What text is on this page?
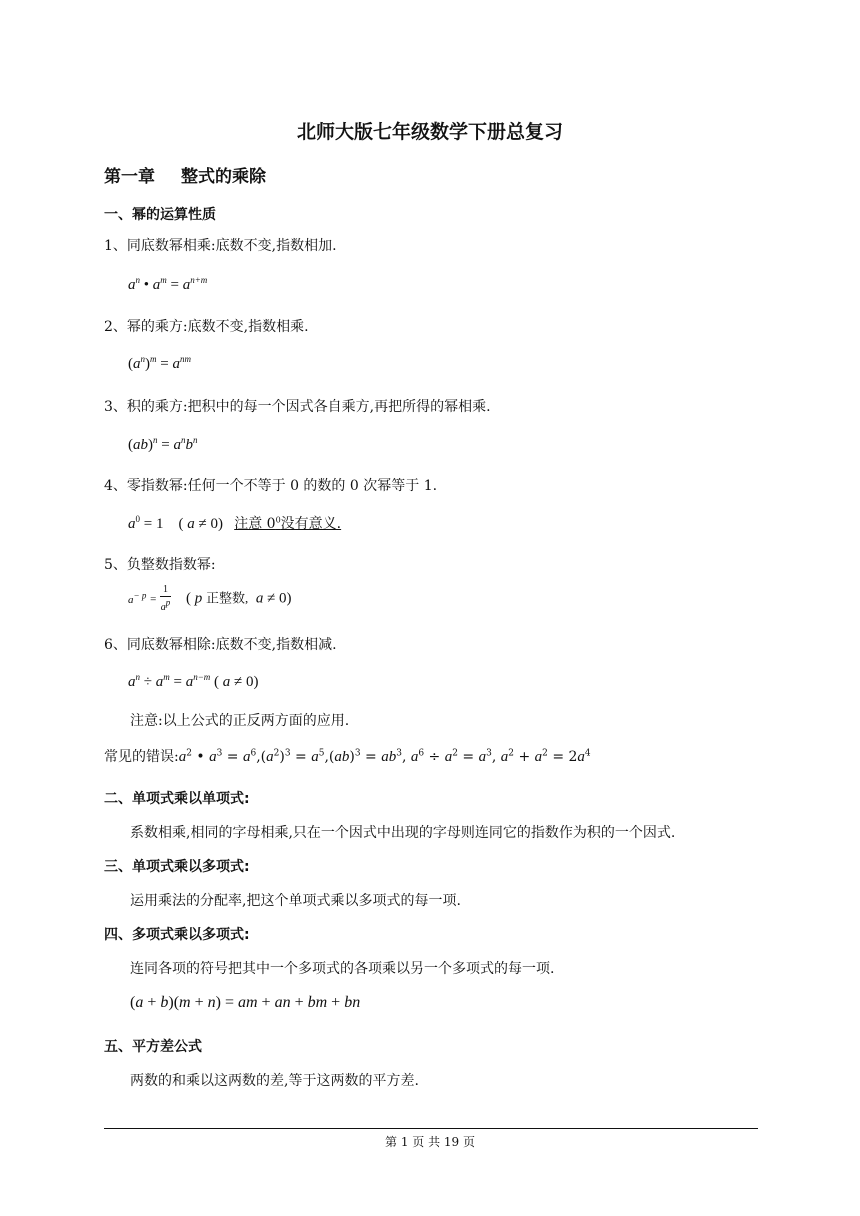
北师大版七年级数学下册总复习
第一章 整式的乘除
一、幂的运算性质
1、同底数幂相乘:底数不变,指数相加.
$a^n$ • $a^m = a^{n+m}$
2、幂的乘方:底数不变,指数相乘.
$(a^n)^m = a^{nm}$
3、积的乘方:把积中的每一个因式各自乘方,再把所得的幂相乘.
$(ab)^n = a^nb^n$
4、零指数幂:任何一个不等于 0 的数的 0 次幂等于 1.
$a^0 = 1$ ( a ≠ 0) 注意 $0^0$没有意义.
5、负整数指数幂:
$a^{- p} = \frac{1}{a^p}$ ( p 正整数,  a ≠ 0)
6、同底数幂相除:底数不变,指数相减.
$a^n \div a^m = a^{n-m}$ ( a ≠ 0)
注意:以上公式的正反两方面的应用.
常见的错误$:a^2$ • $a^3 = a^6,(a^2)^3 = a^5,(ab)^3 = ab^3$, $a^6 \div a^2 = a^3$, $a^2 + a^2 = 2a^4$
二、单项式乘以单项式:
系数相乘,相同的字母相乘,只在一个因式中出现的字母则连同它的指数作为积的一个因式.
三、单项式乘以多项式:
运用乘法的分配率,把这个单项式乘以多项式的每一项.
四、多项式乘以多项式:
连同各项的符号把其中一个多项式的各项乘以另一个多项式的每一项.
(a + b)(m + n) = am + an + bm + bn
五、平方差公式
两数的和乘以这两数的差,等于这两数的平方差.
第 1 页 共 19 页
